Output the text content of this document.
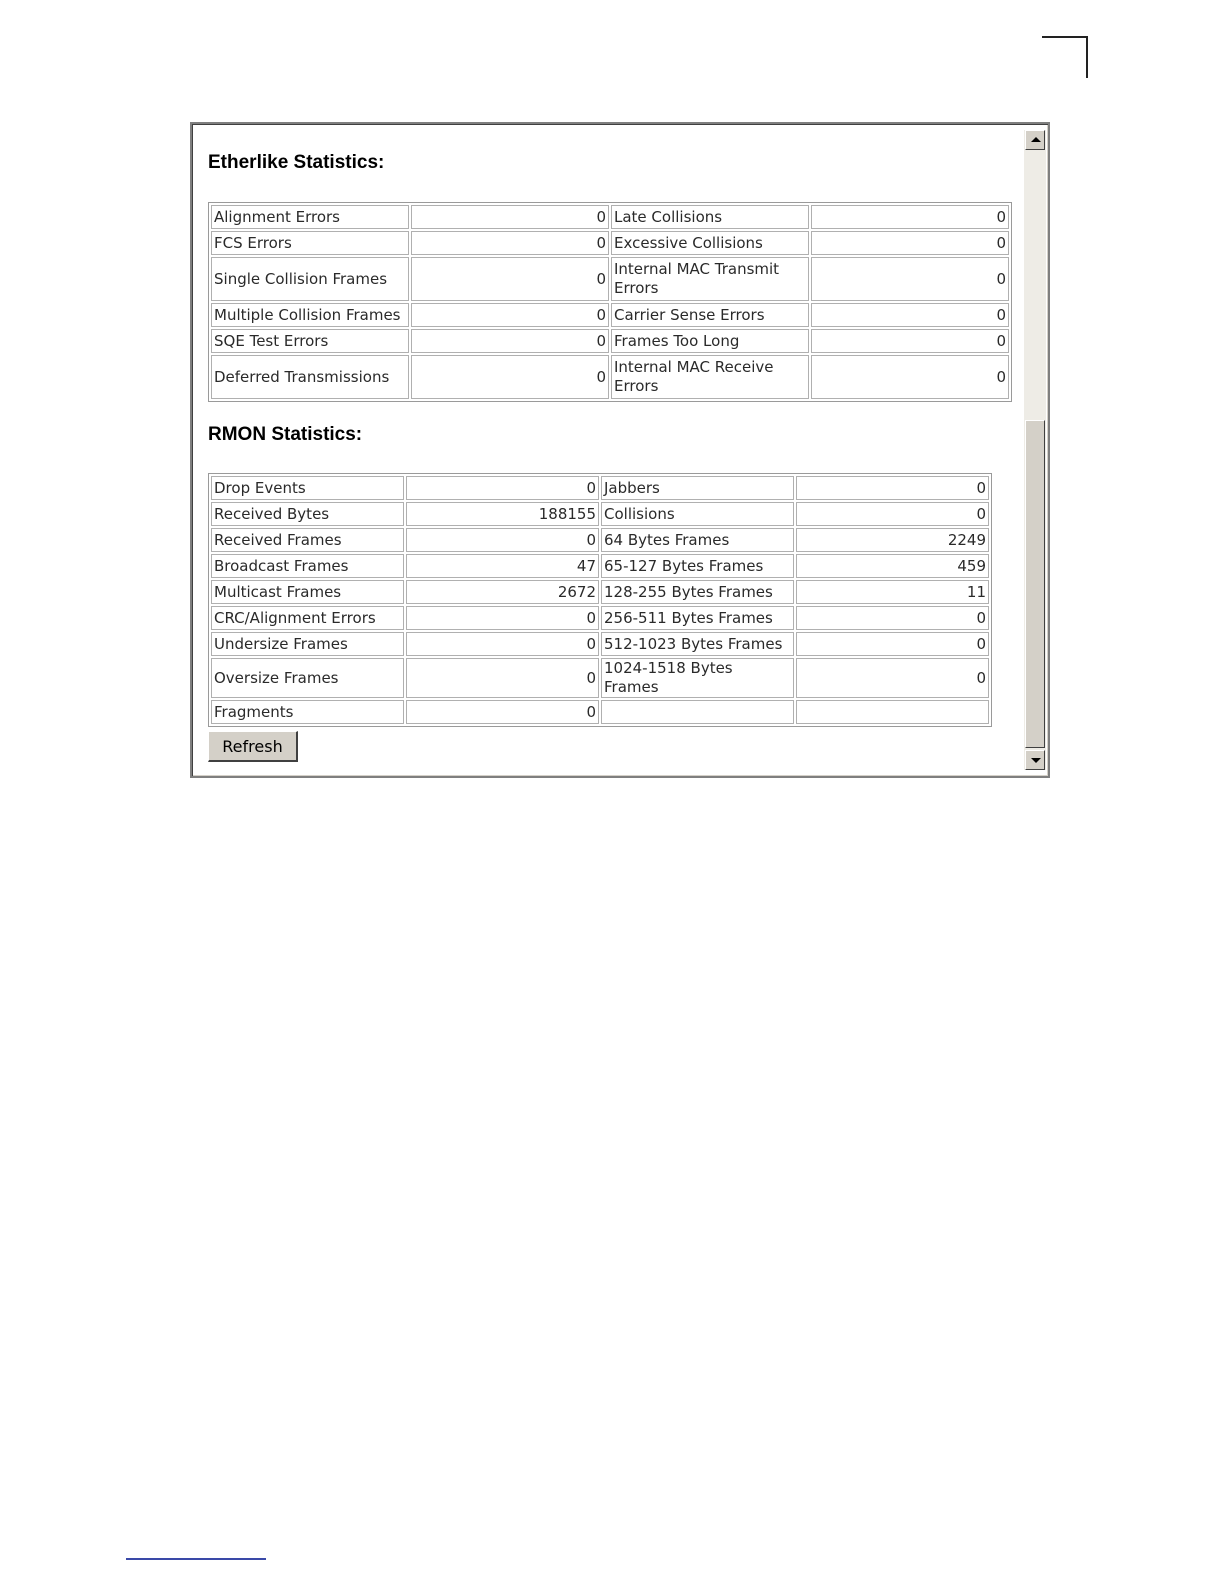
Etherlike Statistics:
Alignment Errors	0	Late Collisions	0
FCS Errors	0	Excessive Collisions	0
Single Collision Frames	0	Internal MAC Transmit Errors	0
Multiple Collision Frames	0	Carrier Sense Errors	0
SQE Test Errors	0	Frames Too Long	0
Deferred Transmissions	0	Internal MAC Receive Errors	0
RMON Statistics:
Drop Events	0	Jabbers	0
Received Bytes	188155	Collisions	0
Received Frames	0	64 Bytes Frames	2249
Broadcast Frames	47	65-127 Bytes Frames	459
Multicast Frames	2672	128-255 Bytes Frames	11
CRC/Alignment Errors	0	256-511 Bytes Frames	0
Undersize Frames	0	512-1023 Bytes Frames	0
Oversize Frames	0	1024-1518 Bytes Frames	0
Fragments	0		
Refresh
